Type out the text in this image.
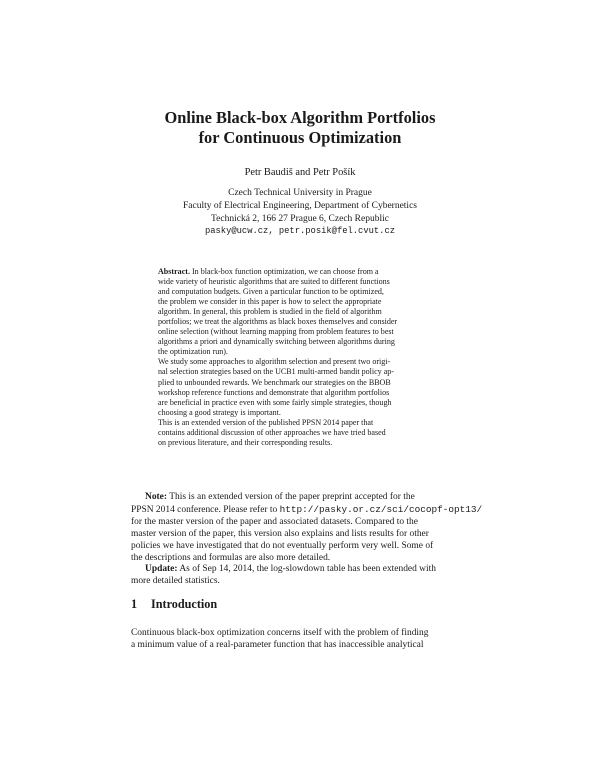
Online Black-box Algorithm Portfolios
for Continuous Optimization
Petr Baudiš and Petr Pošík
Czech Technical University in Prague
Faculty of Electrical Engineering, Department of Cybernetics
Technická 2, 166 27 Prague 6, Czech Republic
pasky@ucw.cz, petr.posik@fel.cvut.cz

Abstract. In black-box function optimization, we can choose from a
wide variety of heuristic algorithms that are suited to different functions
and computation budgets. Given a particular function to be optimized,
the problem we consider in this paper is how to select the appropriate
algorithm. In general, this problem is studied in the field of algorithm
portfolios; we treat the algorithms as black boxes themselves and consider
online selection (without learning mapping from problem features to best
algorithms a priori and dynamically switching between algorithms during
the optimization run).

We study some approaches to algorithm selection and present two origi-
nal selection strategies based on the UCB1 multi-armed bandit policy ap-
plied to unbounded rewards. We benchmark our strategies on the BBOB
workshop reference functions and demonstrate that algorithm portfolios
are beneficial in practice even with some fairly simple strategies, though
choosing a good strategy is important.

This is an extended version of the published PPSN 2014 paper that
contains additional discussion of other approaches we have tried based
on previous literature, and their corresponding results.

Note: This is an extended version of the paper preprint accepted for the
PPSN 2014 conference. Please refer to http://pasky.or.cz/sci/cocopf-opt13/
for the master version of the paper and associated datasets. Compared to the
master version of the paper, this version also explains and lists results for other
policies we have investigated that do not eventually perform very well. Some of
the descriptions and formulas are also more detailed.

Update: As of Sep 14, 2014, the log-slowdown table has been extended with
more detailed statistics.

1 Introduction

Continuous black-box optimization concerns itself with the problem of finding
a minimum value of a real-parameter function that has inaccessible analytical
